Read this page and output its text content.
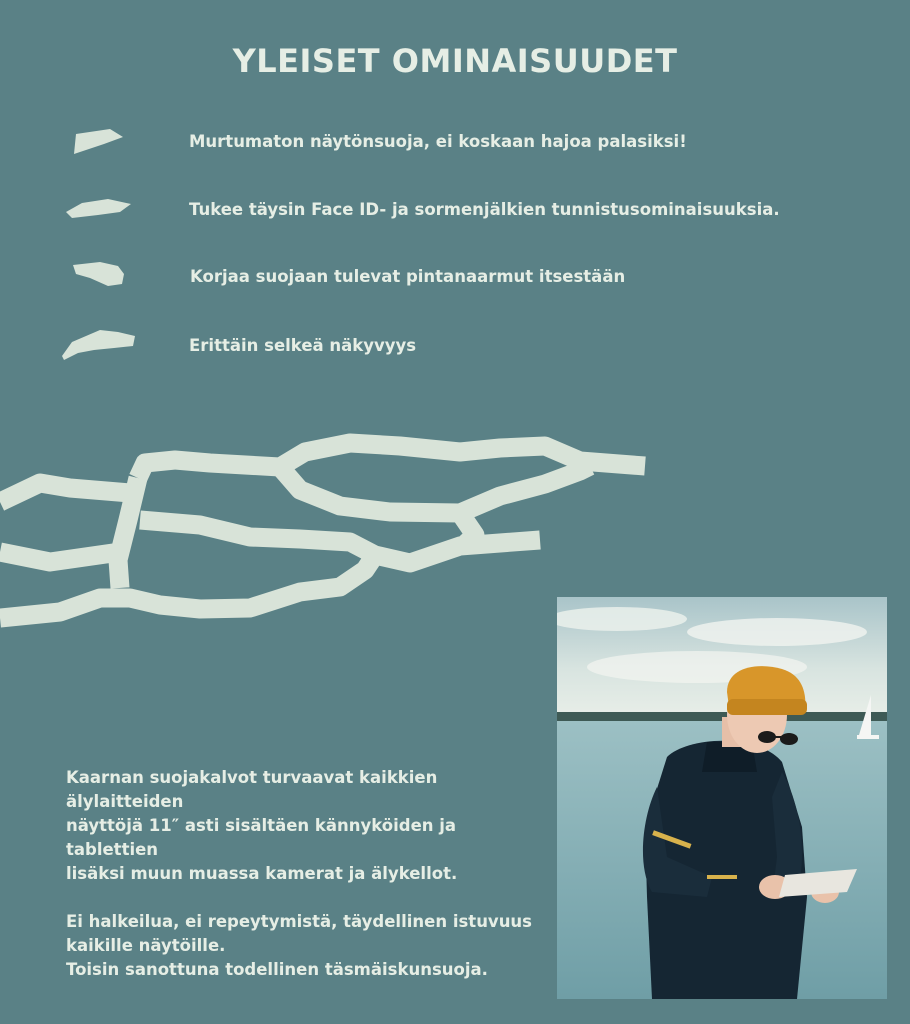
YLEISET OMINAISUUDET
Murtumaton näytönsuoja, ei koskaan hajoa palasiksi!
Tukee täysin Face ID- ja sormenjälkien tunnistusominaisuuksia.
Korjaa suojaan tulevat pintanaarmut itsestään
Erittäin selkeä näkyvyys

Kaarnan suojakalvot turvaavat kaikkien älylaitteiden

näyttöjä 11″ asti sisältäen kännyköiden ja tablettien

lisäksi muun muassa kamerat ja älykellot.

Ei halkeilua, ei repeytymistä, täydellinen istuvuus

kaikille näytöille.

Toisin sanottuna todellinen täsmäiskunsuoja.
